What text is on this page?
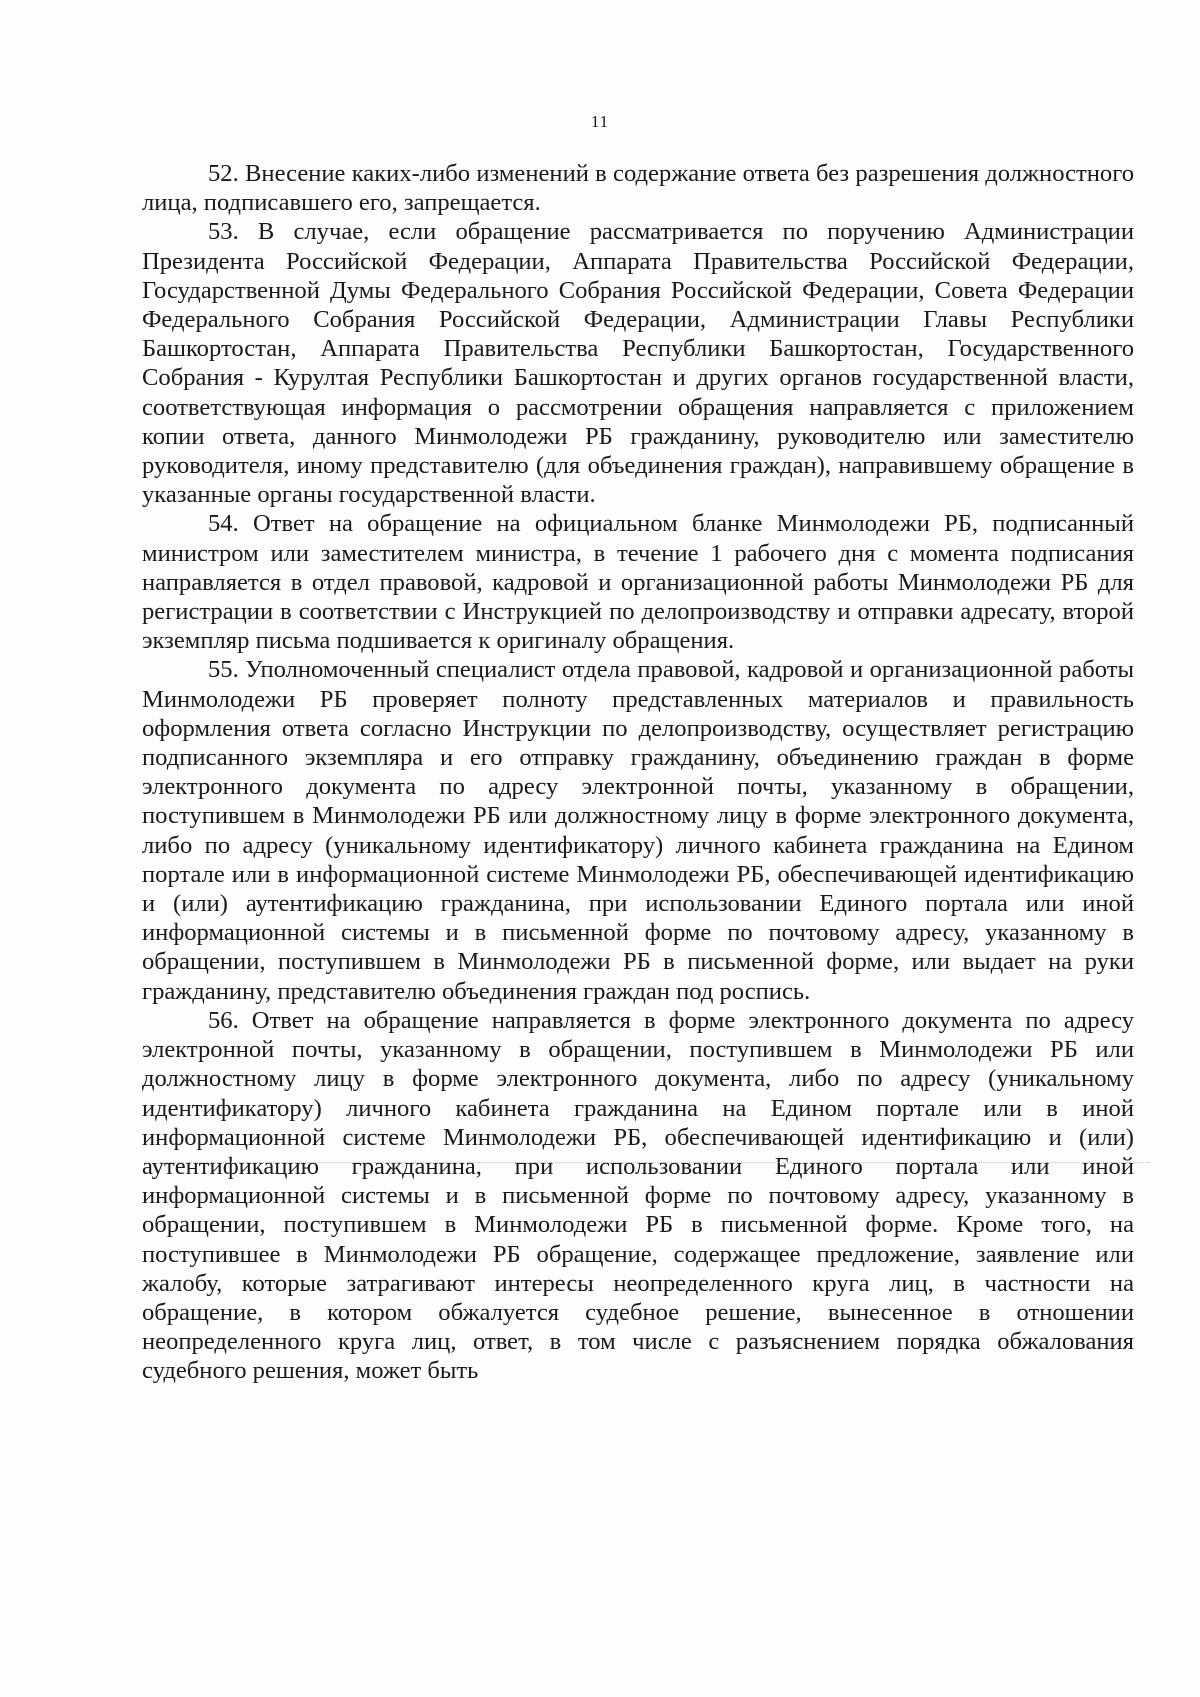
11

52. Внесение каких-либо изменений в содержание ответа без разрешения должностного лица, подписавшего его, запрещается.

53. В случае, если обращение рассматривается по поручению Администрации Президента Российской Федерации, Аппарата Правительства Российской Федерации, Государственной Думы Федерального Собрания Российской Федерации, Совета Федерации Федерального Собрания Российской Федерации, Администрации Главы Республики Башкортостан, Аппарата Правительства Республики Башкортостан, Государственного Собрания - Курултая Республики Башкортостан и других органов государственной власти, соответствующая информация о рассмотрении обращения направляется с приложением копии ответа, данного Минмолодежи РБ гражданину, руководителю или заместителю руководителя, иному представителю (для объединения граждан), направившему обращение в указанные органы государственной власти.

54. Ответ на обращение на официальном бланке Минмолодежи РБ, подписанный министром или заместителем министра, в течение 1 рабочего дня с момента подписания направляется в отдел правовой, кадровой и организационной работы Минмолодежи РБ для регистрации в соответствии с Инструкцией по делопроизводству и отправки адресату, второй экземпляр письма подшивается к оригиналу обращения.

55. Уполномоченный специалист отдела правовой, кадровой и организационной работы Минмолодежи РБ проверяет полноту представленных материалов и правильность оформления ответа согласно Инструкции по делопроизводству, осуществляет регистрацию подписанного экземпляра и его отправку гражданину, объединению граждан в форме электронного документа по адресу электронной почты, указанному в обращении, поступившем в Минмолодежи РБ или должностному лицу в форме электронного документа, либо по адресу (уникальному идентификатору) личного кабинета гражданина на Едином портале или в информационной системе Минмолодежи РБ, обеспечивающей идентификацию и (или) аутентификацию гражданина, при использовании Единого портала или иной информационной системы и в письменной форме по почтовому адресу, указанному в обращении, поступившем в Минмолодежи РБ в письменной форме, или выдает на руки гражданину, представителю объединения граждан под роспись.

56. Ответ на обращение направляется в форме электронного документа по адресу электронной почты, указанному в обращении, поступившем в Минмолодежи РБ или должностному лицу в форме электронного документа, либо по адресу (уникальному идентификатору) личного кабинета гражданина на Едином портале или в иной информационной системе Минмолодежи РБ, обеспечивающей идентификацию и (или) аутентификацию гражданина, при использовании Единого портала или иной информационной системы и в письменной форме по почтовому адресу, указанному в обращении, поступившем в Минмолодежи РБ в письменной форме. Кроме того, на поступившее в Минмолодежи РБ обращение, содержащее предложение, заявление или жалобу, которые затрагивают интересы неопределенного круга лиц, в частности на обращение, в котором обжалуется судебное решение, вынесенное в отношении неопределенного круга лиц, ответ, в том числе с разъяснением порядка обжалования судебного решения, может быть
